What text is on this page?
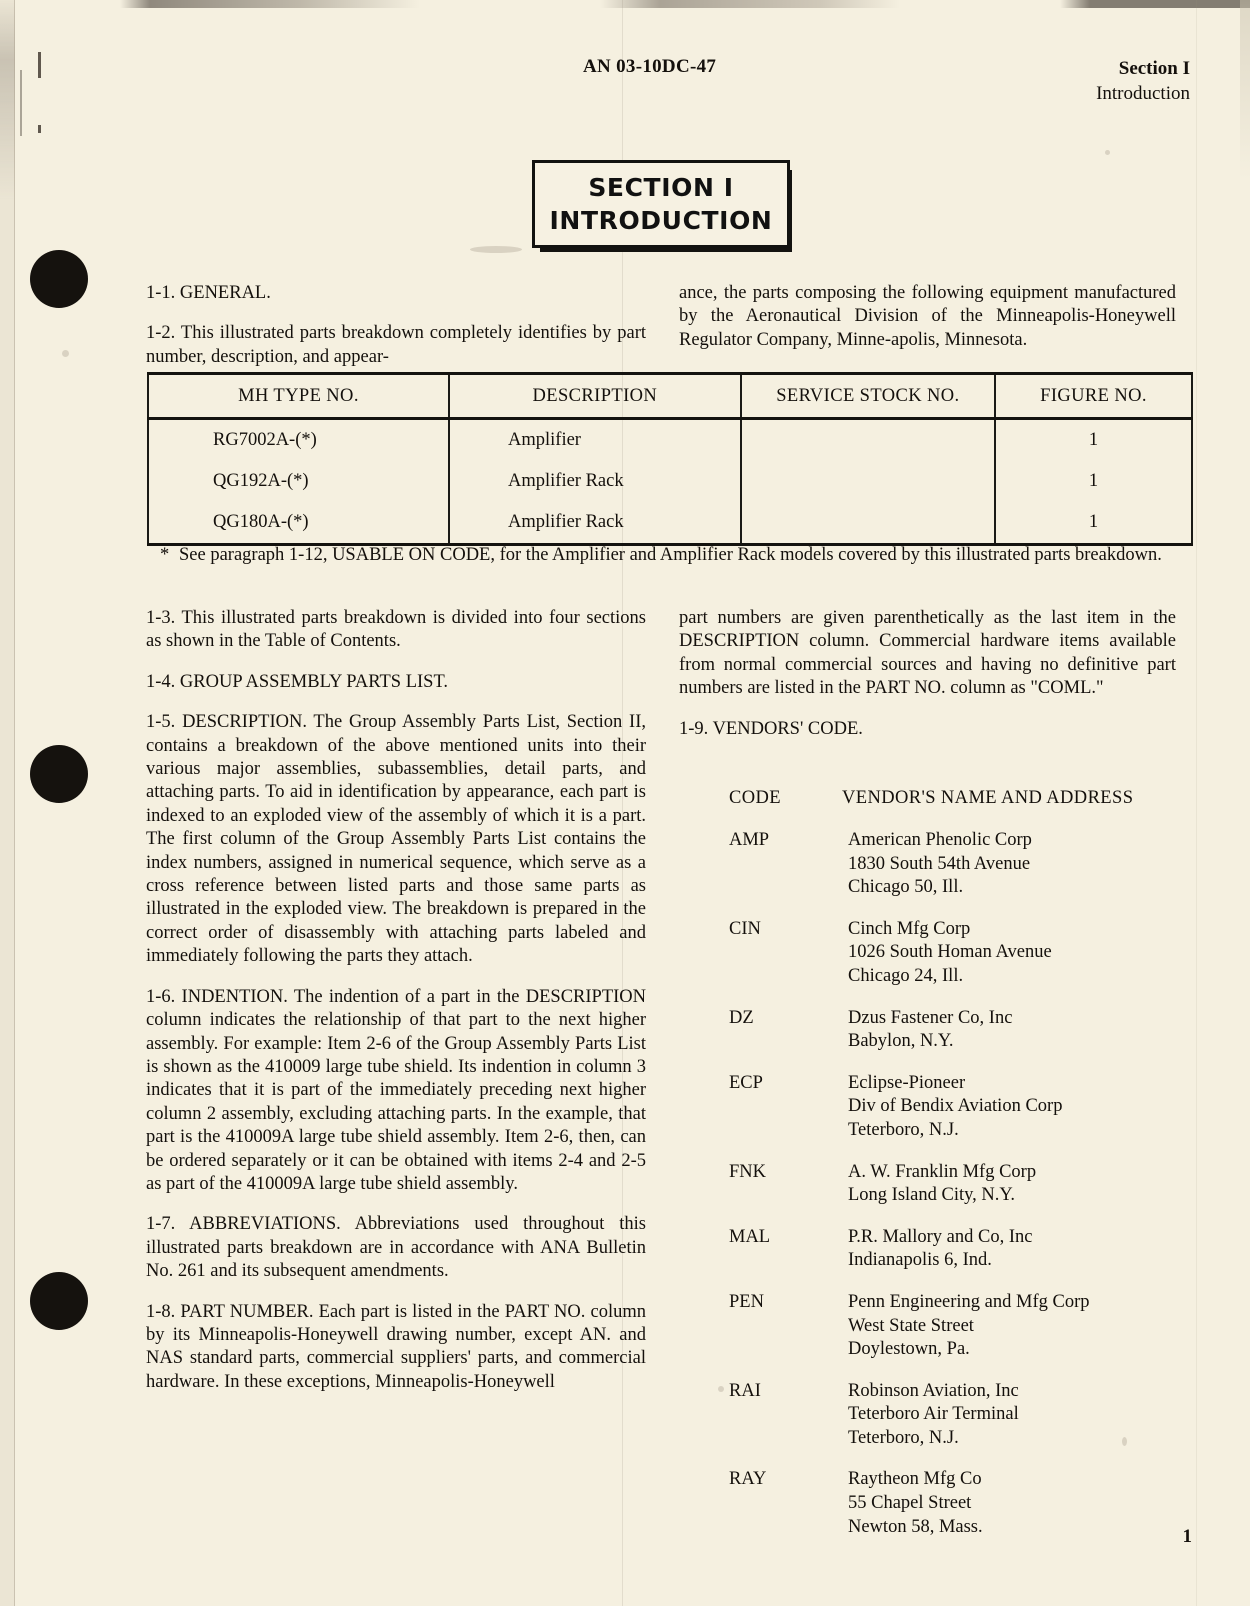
AN 03-10DC-47	Section I
Introduction
SECTION I
INTRODUCTION

1-1. GENERAL.

1-2. This illustrated parts breakdown completely identifies by part number, description, and appear-

ance, the parts composing the following equipment manufactured by the Aeronautical Division of the Minneapolis-Honeywell Regulator Company, Minne-apolis, Minnesota.

MH TYPE NO.	DESCRIPTION	SERVICE STOCK NO.	FIGURE NO.
RG7002A-(*)	Amplifier		1
QG192A-(*)	Amplifier Rack		1
QG180A-(*)	Amplifier Rack		1
* See paragraph 1-12, USABLE ON CODE, for the Amplifier and Amplifier Rack models covered by this illustrated parts breakdown.

1-3. This illustrated parts breakdown is divided into four sections as shown in the Table of Contents.

1-4. GROUP ASSEMBLY PARTS LIST.

1-5. DESCRIPTION. The Group Assembly Parts List, Section II, contains a breakdown of the above mentioned units into their various major assemblies, subassemblies, detail parts, and attaching parts. To aid in identification by appearance, each part is indexed to an exploded view of the assembly of which it is a part. The first column of the Group Assembly Parts List contains the index numbers, assigned in numerical sequence, which serve as a cross reference between listed parts and those same parts as illustrated in the exploded view. The breakdown is prepared in the correct order of disassembly with attaching parts labeled and immediately following the parts they attach.

1-6. INDENTION. The indention of a part in the DESCRIPTION column indicates the relationship of that part to the next higher assembly. For example: Item 2-6 of the Group Assembly Parts List is shown as the 410009 large tube shield. Its indention in column 3 indicates that it is part of the immediately preceding next higher column 2 assembly, excluding attaching parts. In the example, that part is the 410009A large tube shield assembly. Item 2-6, then, can be ordered separately or it can be obtained with items 2-4 and 2-5 as part of the 410009A large tube shield assembly.

1-7. ABBREVIATIONS. Abbreviations used throughout this illustrated parts breakdown are in accordance with ANA Bulletin No. 261 and its subsequent amendments.

1-8. PART NUMBER. Each part is listed in the PART NO. column by its Minneapolis-Honeywell drawing number, except AN. and NAS standard parts, commercial suppliers' parts, and commercial hardware. In these exceptions, Minneapolis-Honeywell

part numbers are given parenthetically as the last item in the DESCRIPTION column. Commercial hardware items available from normal commercial sources and having no definitive part numbers are listed in the PART NO. column as "COML."

1-9. VENDORS' CODE.

CODE	VENDOR'S NAME AND ADDRESS
AMP	American Phenolic Corp
1830 South 54th Avenue
Chicago 50, Ill.
CIN	Cinch Mfg Corp
1026 South Homan Avenue
Chicago 24, Ill.
DZ	Dzus Fastener Co, Inc
Babylon, N.Y.
ECP	Eclipse-Pioneer
Div of Bendix Aviation Corp
Teterboro, N.J.
FNK	A. W. Franklin Mfg Corp
Long Island City, N.Y.
MAL	P.R. Mallory and Co, Inc
Indianapolis 6, Ind.
PEN	Penn Engineering and Mfg Corp
West State Street
Doylestown, Pa.
RAI	Robinson Aviation, Inc
Teterboro Air Terminal
Teterboro, N.J.
RAY	Raytheon Mfg Co
55 Chapel Street
Newton 58, Mass.	1
